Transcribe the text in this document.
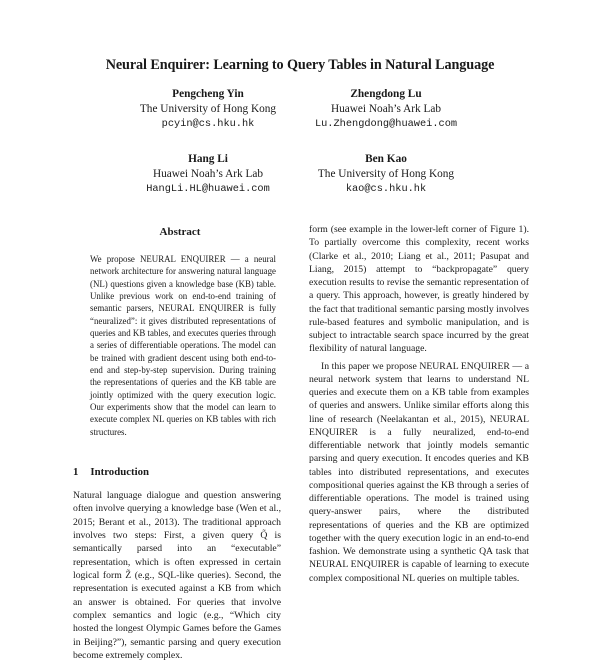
Neural Enquirer: Learning to Query Tables in Natural Language
Pengcheng Yin
The University of Hong Kong
pcyin@cs.hku.hk
Zhengdong Lu
Huawei Noah’s Ark Lab
Lu.Zhengdong@huawei.com
Hang Li
Huawei Noah’s Ark Lab
HangLi.HL@huawei.com
Ben Kao
The University of Hong Kong
kao@cs.hku.hk
Abstract
We propose NEURAL ENQUIRER — a neural network architecture for answering natural language (NL) questions given a knowledge base (KB) table. Unlike previous work on end-to-end training of semantic parsers, NEURAL ENQUIRER is fully “neuralized”: it gives distributed representations of queries and KB tables, and executes queries through a series of differentiable operations. The model can be trained with gradient descent using both end-to-end and step-by-step supervision. During training the representations of queries and the KB table are jointly optimized with the query execution logic. Our experiments show that the model can learn to execute complex NL queries on KB tables with rich structures.
1 Introduction
Natural language dialogue and question answering often involve querying a knowledge base (Wen et al., 2015; Berant et al., 2013). The traditional approach involves two steps: First, a given query Q̃ is semantically parsed into an “executable” representation, which is often expressed in certain logical form Z̃ (e.g., SQL-like queries). Second, the representation is executed against a KB from which an answer is obtained. For queries that involve complex semantics and logic (e.g., “Which city hosted the longest Olympic Games before the Games in Beijing?”), semantic parsing and query execution become extremely complex.

form (see example in the lower-left corner of Figure 1). To partially overcome this complexity, recent works (Clarke et al., 2010; Liang et al., 2011; Pasupat and Liang, 2015) attempt to “backpropagate” query execution results to revise the semantic representation of a query. This approach, however, is greatly hindered by the fact that traditional semantic parsing mostly involves rule-based features and symbolic manipulation, and is subject to intractable search space incurred by the great flexibility of natural language.

In this paper we propose NEURAL ENQUIRER — a neural network system that learns to understand NL queries and execute them on a KB table from examples of queries and answers. Unlike similar efforts along this line of research (Neelakantan et al., 2015), NEURAL ENQUIRER is a fully neuralized, end-to-end differentiable network that jointly models semantic parsing and query execution. It encodes queries and KB tables into distributed representations, and executes compositional queries against the KB through a series of differentiable operations. The model is trained using query-answer pairs, where the distributed representations of queries and the KB are optimized together with the query execution logic in an end-to-end fashion. We demonstrate using a synthetic QA task that NEURAL ENQUIRER is capable of learning to execute complex compositional NL queries on multiple tables.
